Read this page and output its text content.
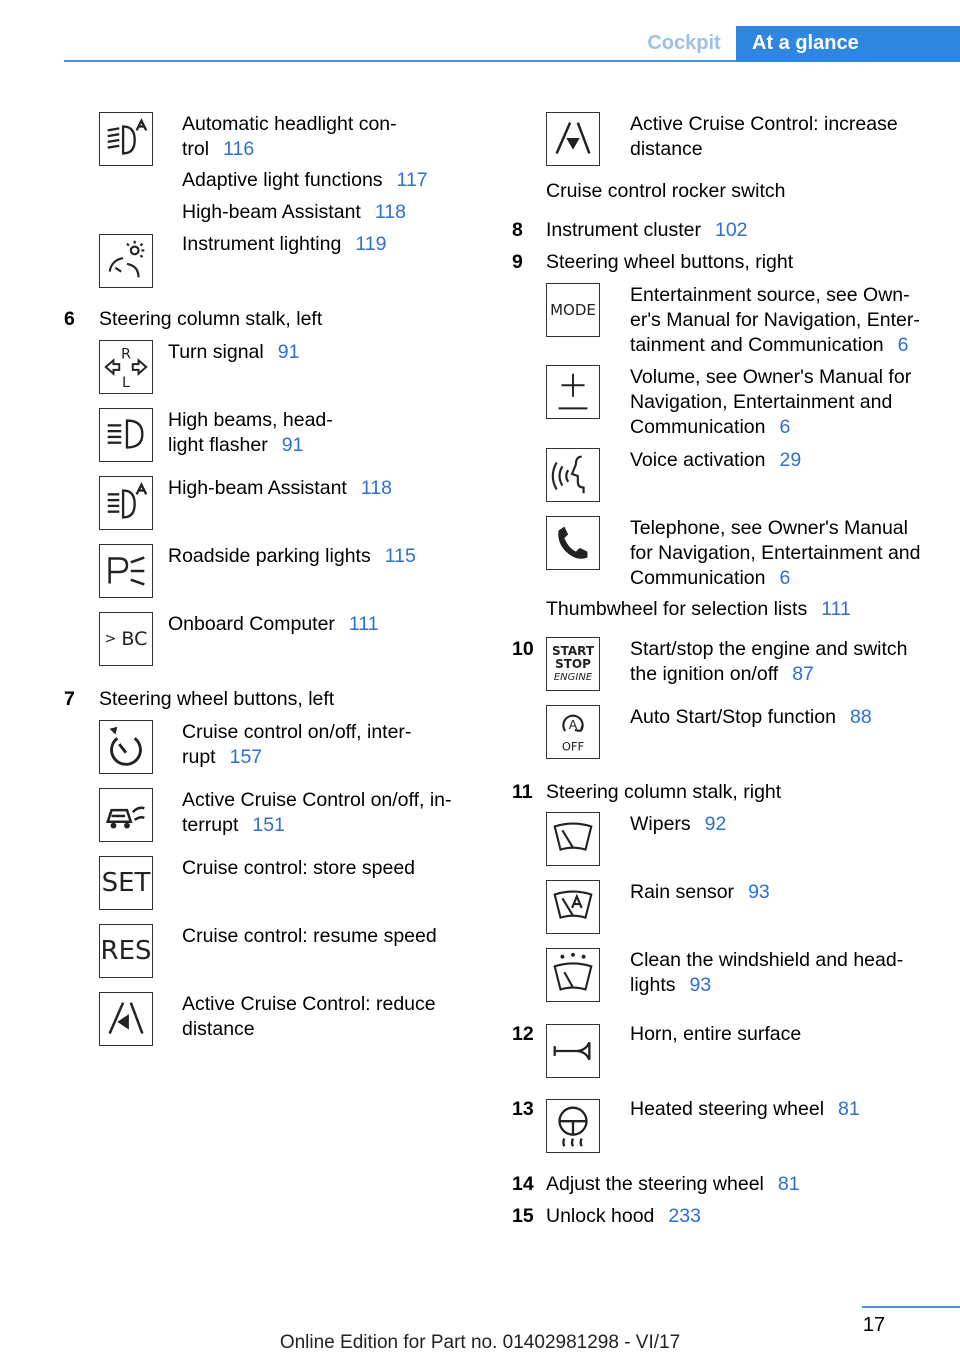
Cockpit	At a glance
Automatic headlight con-
trol 116
Adaptive light functions 117
High-beam Assistant 118
Instrument lighting 119
6 Steering column stalk, left
R
L
Turn signal 91
High beams, head-
light flasher 91
High-beam Assistant 118
Roadside parking lights 115
> BC
Onboard Computer 111
7 Steering wheel buttons, left
Cruise control on/off, inter-
rupt 157
Active Cruise Control on/off, in-
terrupt 151
SET Cruise control: store speed
RES Cruise control: resume speed
Active Cruise Control: reduce
distance
Active Cruise Control: increase
distance
Cruise control rocker switch
8 Instrument cluster 102
9 Steering wheel buttons, right
MODE
Entertainment source, see Own-
er's Manual for Navigation, Enter-
tainment and Communication 6
Volume, see Owner's Manual for
Navigation, Entertainment and
Communication 6
Voice activation 29
Telephone, see Owner's Manual
for Navigation, Entertainment and
Communication 6
Thumbwheel for selection lists 111
10 START
STOP
ENGINE
Start/stop the engine and switch
the ignition on/off 87
A
OFF
Auto Start/Stop function 88
11 Steering column stalk, right
Wipers 92
Rain sensor 93
Clean the windshield and head-
lights 93
12	Horn, entire surface
13	Heated steering wheel 81
14 Adjust the steering wheel 81
15 Unlock hood 233
17
Online Edition for Part no. 01402981298 - VI/17
